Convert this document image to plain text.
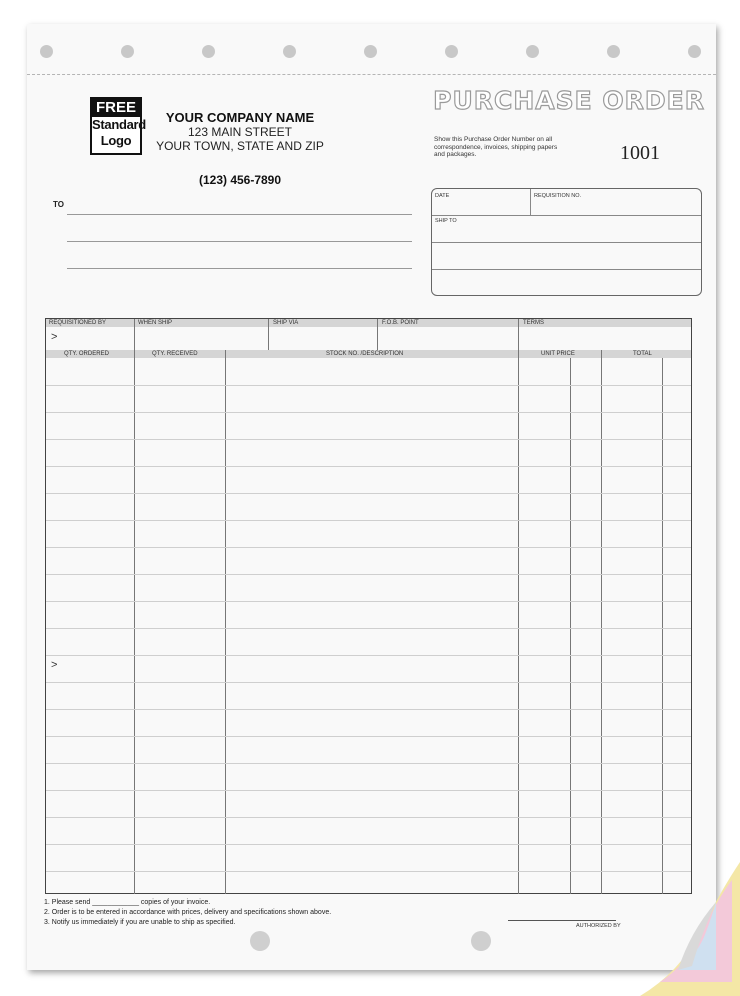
FREE
Standard
Logo
YOUR COMPANY NAME
123 MAIN STREET
YOUR TOWN, STATE AND ZIP
(123) 456-7890
PURCHASE ORDER
Show this Purchase Order Number on all correspondence, invoices, shipping papers and packages.	1001
TO
DATE	REQUISITION NO.
SHIP TO
REQUISITIONED BY	WHEN SHIP	SHIP VIA	F.O.B. POINT	TERMS
>
QTY. ORDERED	QTY. RECEIVED	STOCK NO. /DESCRIPTION	UNIT PRICE	TOTAL
>
1. Please send ____________ copies of your invoice.
2. Order is to be entered in accordance with prices, delivery and specifications shown above.
3. Notify us immediately if you are unable to ship as specified.	AUTHORIZED BY
